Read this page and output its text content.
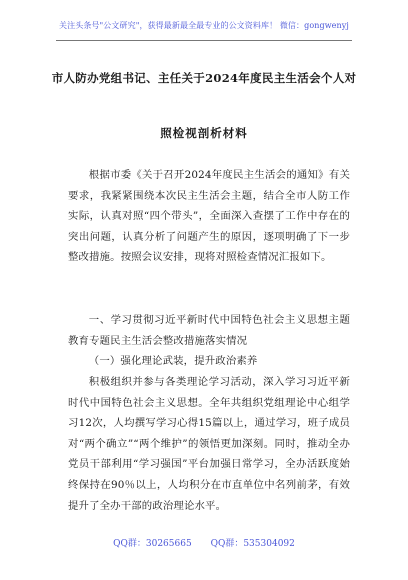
关注头条号"公文研究"，获得最新最全最专业的公文资料库！ 微信：gongwenyj
市人防办党组书记、主任关于2024年度民主生活会个人对
照检视剖析材料

根据市委《关于召开2024年度民主生活会的通知》有关要求，我紧紧围绕本次民主生活会主题，结合全市人防工作实际，认真对照“四个带头”，全面深入查摆了工作中存在的突出问题，认真分析了问题产生的原因，逐项明确了下一步整改措施。按照会议安排，现将对照检查情况汇报如下。

一、学习贯彻习近平新时代中国特色社会主义思想主题教育专题民主生活会整改措施落实情况

（一）强化理论武装，提升政治素养

积极组织并参与各类理论学习活动，深入学习习近平新时代中国特色社会主义思想。全年共组织党组理论中心组学习12次，人均撰写学习心得15篇以上，通过学习，班子成员对“两个确立”“两个维护”的领悟更加深刻。同时，推动全办党员干部利用“学习强国”平台加强日常学习，全办活跃度始终保持在90％以上，人均积分在市直单位中名列前茅，有效提升了全办干部的政治理论水平。

QQ群：30265665 QQ群：535304092
